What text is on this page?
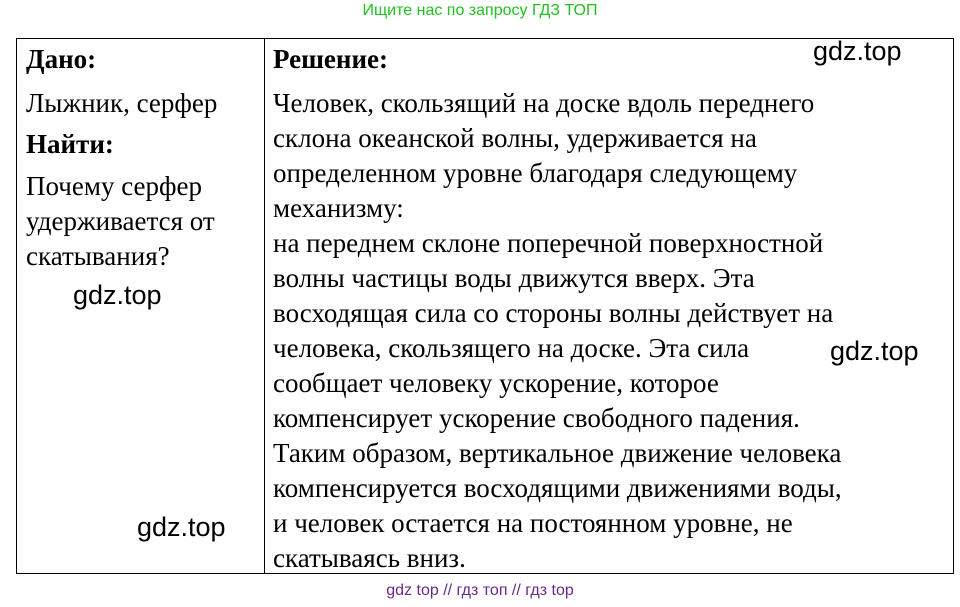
Ищите нас по запросу ГДЗ ТОП
Дано:
Лыжник, серфер
Найти:
Почему серфер
удерживается от
скатывания?
Решение:
Человек, скользящий на доске вдоль переднего
склона океанской волны, удерживается на
определенном уровне благодаря следующему
механизму:
на переднем склоне поперечной поверхностной
волны частицы воды движутся вверх. Эта
восходящая сила со стороны волны действует на
человека, скользящего на доске. Эта сила
сообщает человеку ускорение, которое
компенсирует ускорение свободного падения.
Таким образом, вертикальное движение человека
компенсируется восходящими движениями воды,
и человек остается на постоянном уровне, не
скатываясь вниз.
gdz.top
gdz.top
gdz.top
gdz.top
gdz top // гдз топ // гдз top
